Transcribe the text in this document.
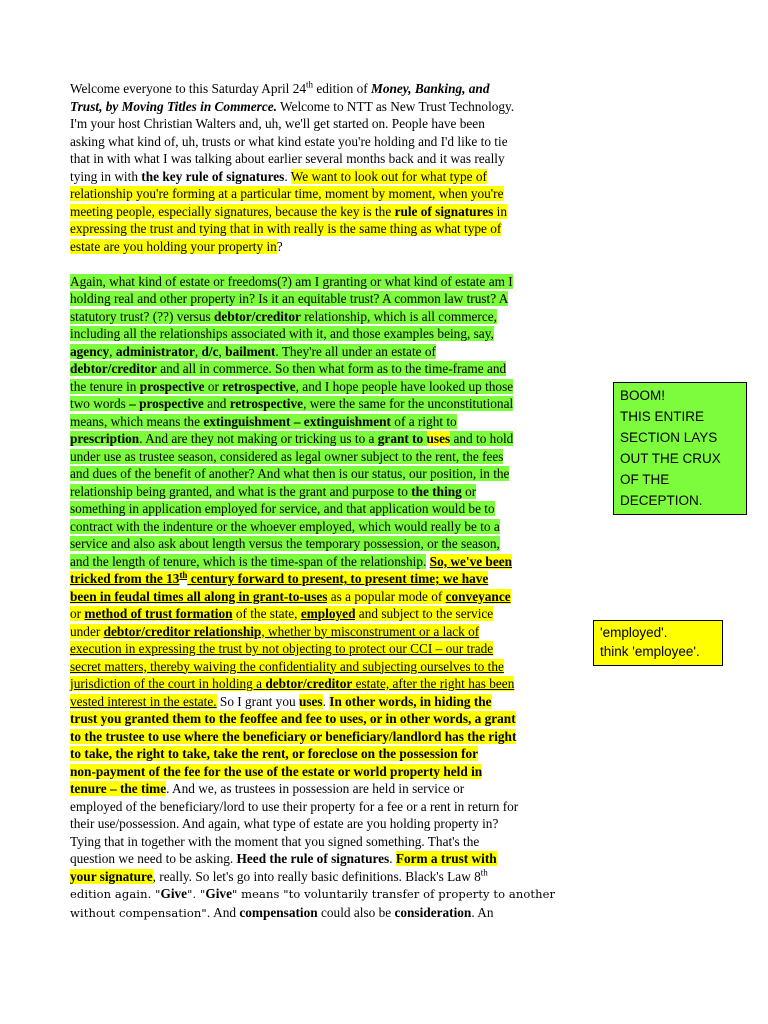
Welcome everyone to this Saturday April 24th edition of Money, Banking, and
Trust, by Moving Titles in Commerce. Welcome to NTT as New Trust Technology.
I'm your host Christian Walters and, uh, we'll get started on. People have been
asking what kind of, uh, trusts or what kind estate you're holding and I'd like to tie
that in with what I was talking about earlier several months back and it was really
tying in with the key rule of signatures. We want to look out for what type of
relationship you're forming at a particular time, moment by moment, when you're
meeting people, especially signatures, because the key is the rule of signatures in
expressing the trust and tying that in with really is the same thing as what type of
estate are you holding your property in?
Again, what kind of estate or freedoms(?) am I granting or what kind of estate am I
holding real and other property in? Is it an equitable trust? A common law trust? A
statutory trust? (??) versus debtor/creditor relationship, which is all commerce,
including all the relationships associated with it, and those examples being, say,
agency, administrator, d/c, bailment. They're all under an estate of
debtor/creditor and all in commerce. So then what form as to the time-frame and
the tenure in prospective or retrospective, and I hope people have looked up those
two words – prospective and retrospective, were the same for the unconstitutional
means, which means the extinguishment – extinguishment of a right to
prescription. And are they not making or tricking us to a grant to uses and to hold
under use as trustee season, considered as legal owner subject to the rent, the fees
and dues of the benefit of another? And what then is our status, our position, in the
relationship being granted, and what is the grant and purpose to the thing or
something in application employed for service, and that application would be to
contract with the indenture or the whoever employed, which would really be to a
service and also ask about length versus the temporary possession, or the season,
and the length of tenure, which is the time-span of the relationship. So, we've been
tricked from the 13th century forward to present, to present time; we have
been in feudal times all along in grant-to-uses as a popular mode of conveyance
or method of trust formation of the state, employed and subject to the service
under debtor/creditor relationship, whether by misconstrument or a lack of
execution in expressing the trust by not objecting to protect our CCI – our trade
secret matters, thereby waiving the confidentiality and subjecting ourselves to the
jurisdiction of the court in holding a debtor/creditor estate, after the right has been
vested interest in the estate. So I grant you uses. In other words, in hiding the
trust you granted them to the feoffee and fee to uses, or in other words, a grant
to the trustee to use where the beneficiary or beneficiary/landlord has the right
to take, the right to take, take the rent, or foreclose on the possession for
non-payment of the fee for the use of the estate or world property held in
tenure – the time. And we, as trustees in possession are held in service or
employed of the beneficiary/lord to use their property for a fee or a rent in return for
their use/possession. And again, what type of estate are you holding property in?
Tying that in together with the moment that you signed something. That's the
question we need to be asking. Heed the rule of signatures. Form a trust with
your signature, really. So let's go into really basic definitions. Black's Law 8th
edition again. "Give". "Give" means "to voluntarily transfer of property to another
without compensation". And compensation could also be consideration. An
BOOM!
THIS ENTIRE
SECTION LAYS
OUT THE CRUX
OF THE
DECEPTION.
'employed'.
think 'employee'.
